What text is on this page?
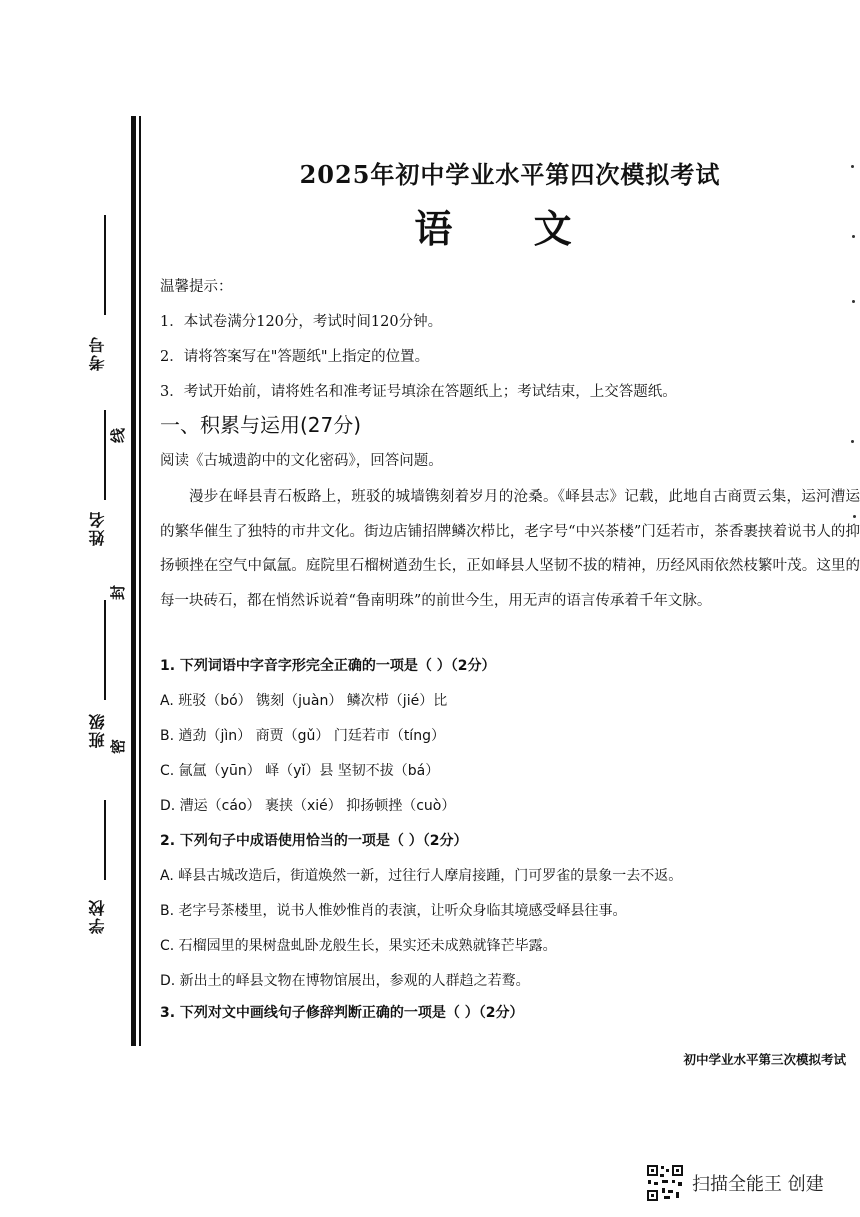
学校
班级
姓名
考号
密
封
线
2025年初中学业水平第四次模拟考试
语 文
温馨提示：
1．本试卷满分120分，考试时间120分钟。
2．请将答案写在"答题纸"上指定的位置。
3．考试开始前，请将姓名和准考证号填涂在答题纸上；考试结束，上交答题纸。
一、积累与运用(27分)
阅读《古城遗韵中的文化密码》，回答问题。

漫步在峄县青石板路上，班驳的城墙镌刻着岁月的沧桑。《峄县志》记载，此地自古商贾云集，运河漕运的繁华催生了独特的市井文化。街边店铺招牌鳞次栉比，老字号“中兴茶楼”门廷若市，茶香裹挟着说书人的抑扬顿挫在空气中氤氲。庭院里石榴树遒劲生长，正如峄县人坚韧不拔的精神，历经风雨依然枝繁叶茂。这里的每一块砖石，都在悄然诉说着“鲁南明珠”的前世今生，用无声的语言传承着千年文脉。

1. 下列词语中字音字形完全正确的一项是（ ）（2分）
A. 班驳（bó） 镌刻（juàn） 鳞次栉（jié）比
B. 遒劲（jìn） 商贾（gǔ） 门廷若市（tíng）
C. 氤氲（yūn） 峄（yǐ）县 坚韧不拔（bá）
D. 漕运（cáo） 裹挟（xié） 抑扬顿挫（cuò）
2. 下列句子中成语使用恰当的一项是（ ）（2分）
A. 峄县古城改造后，街道焕然一新，过往行人摩肩接踵，门可罗雀的景象一去不返。
B. 老字号茶楼里，说书人惟妙惟肖的表演，让听众身临其境感受峄县往事。
C. 石榴园里的果树盘虬卧龙般生长，果实还未成熟就锋芒毕露。
D. 新出土的峄县文物在博物馆展出，参观的人群趋之若鹜。
3. 下列对文中画线句子修辞判断正确的一项是（ ）（2分）
初中学业水平第三次模拟考试
扫描全能王 创建
